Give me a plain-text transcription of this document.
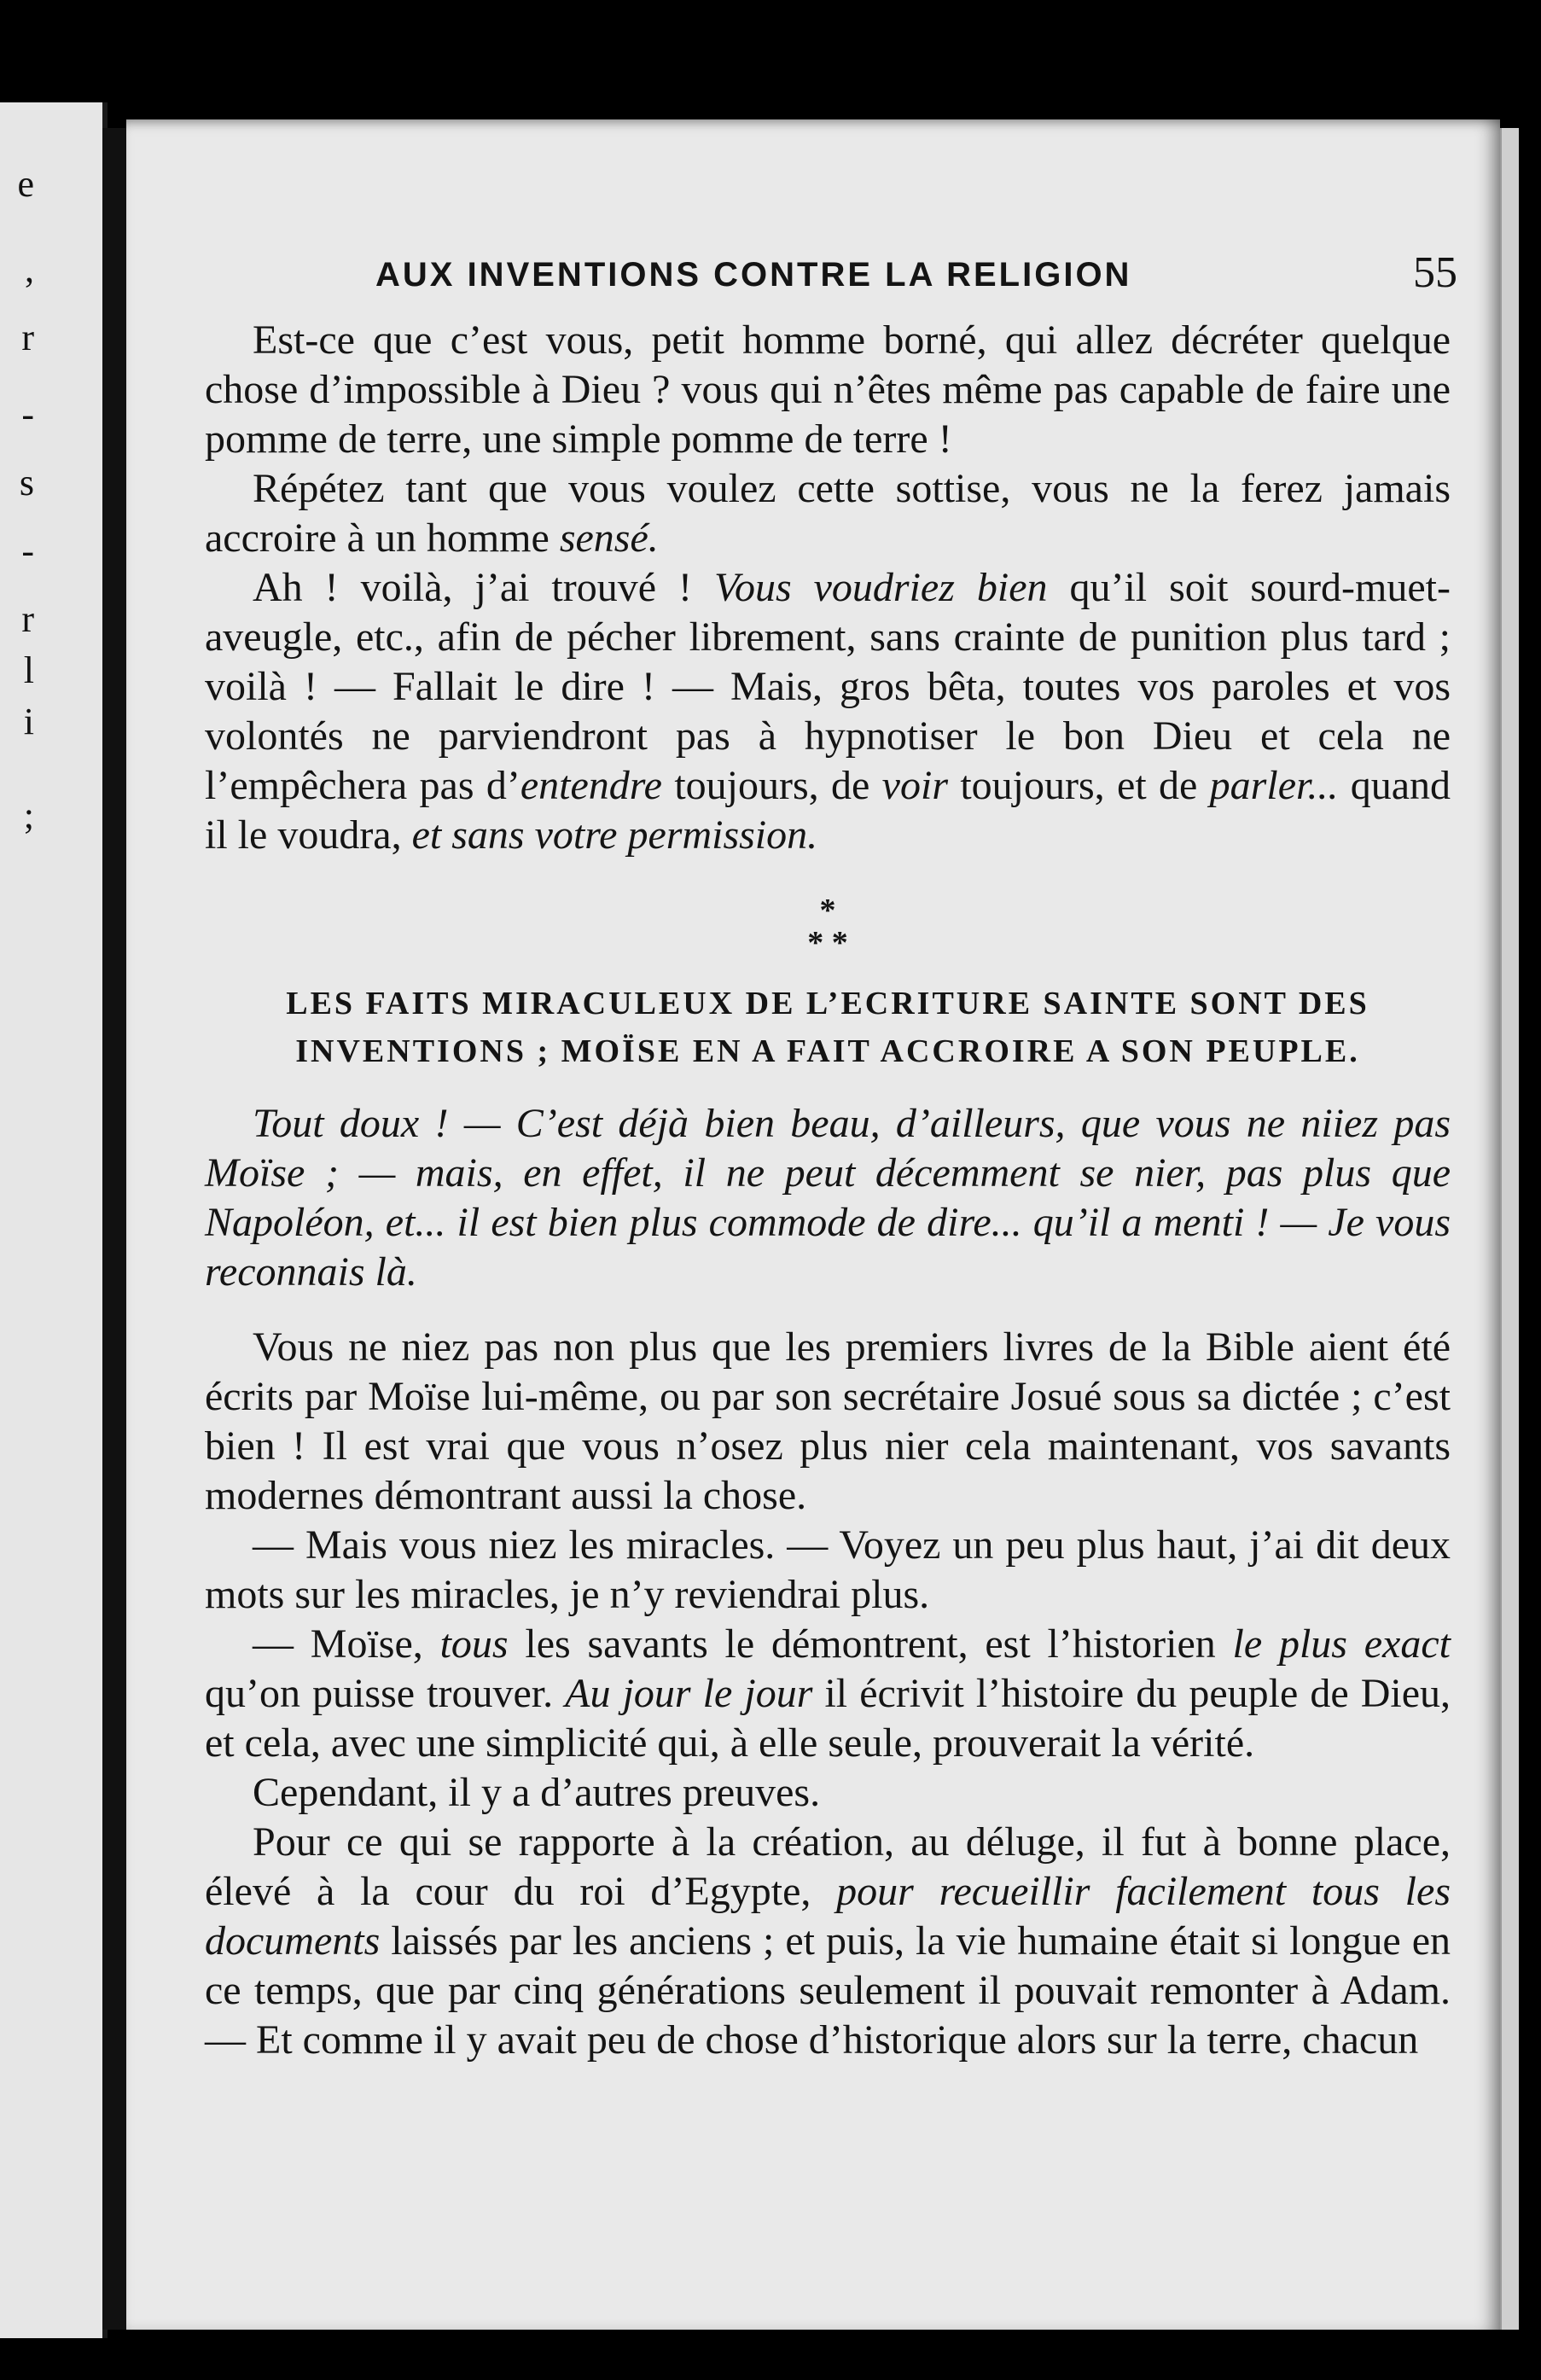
e
,
r
-
s
-
r
l
i
;
AUX INVENTIONS CONTRE LA RELIGION	55

Est-ce que c’est vous, petit homme borné, qui allez décréter quelque chose d’impossible à Dieu ? vous qui n’êtes même pas capable de faire une pomme de terre, une simple pomme de terre !

Répétez tant que vous voulez cette sottise, vous ne la ferez jamais accroire à un homme sensé.

Ah ! voilà, j’ai trouvé ! Vous voudriez bien qu’il soit sourd-muet-aveugle, etc., afin de pécher librement, sans crainte de punition plus tard ; voilà ! — Fallait le dire ! — Mais, gros bêta, toutes vos paroles et vos volontés ne parviendront pas à hypnotiser le bon Dieu et cela ne l’empêchera pas d’entendre toujours, de voir toujours, et de parler... quand il le voudra, et sans votre permission.

*
* *
LES FAITS MIRACULEUX DE L’ECRITURE SAINTE SONT DES
INVENTIONS ; MOÏSE EN A FAIT ACCROIRE A SON PEUPLE.

Tout doux ! — C’est déjà bien beau, d’ailleurs, que vous ne niiez pas Moïse ; — mais, en effet, il ne peut décemment se nier, pas plus que Napoléon, et... il est bien plus commode de dire... qu’il a menti ! — Je vous reconnais là.

Vous ne niez pas non plus que les premiers livres de la Bible aient été écrits par Moïse lui-même, ou par son secrétaire Josué sous sa dictée ; c’est bien ! Il est vrai que vous n’osez plus nier cela maintenant, vos savants modernes démontrant aussi la chose.

— Mais vous niez les miracles. — Voyez un peu plus haut, j’ai dit deux mots sur les miracles, je n’y reviendrai plus.

— Moïse, tous les savants le démontrent, est l’historien le plus exact qu’on puisse trouver. Au jour le jour il écrivit l’histoire du peuple de Dieu, et cela, avec une simplicité qui, à elle seule, prouverait la vérité.

Cependant, il y a d’autres preuves.

Pour ce qui se rapporte à la création, au déluge, il fut à bonne place, élevé à la cour du roi d’Egypte, pour recueillir facilement tous les documents laissés par les anciens ; et puis, la vie humaine était si longue en ce temps, que par cinq générations seulement il pouvait remonter à Adam. — Et comme il y avait peu de chose d’historique alors sur la terre, chacun
